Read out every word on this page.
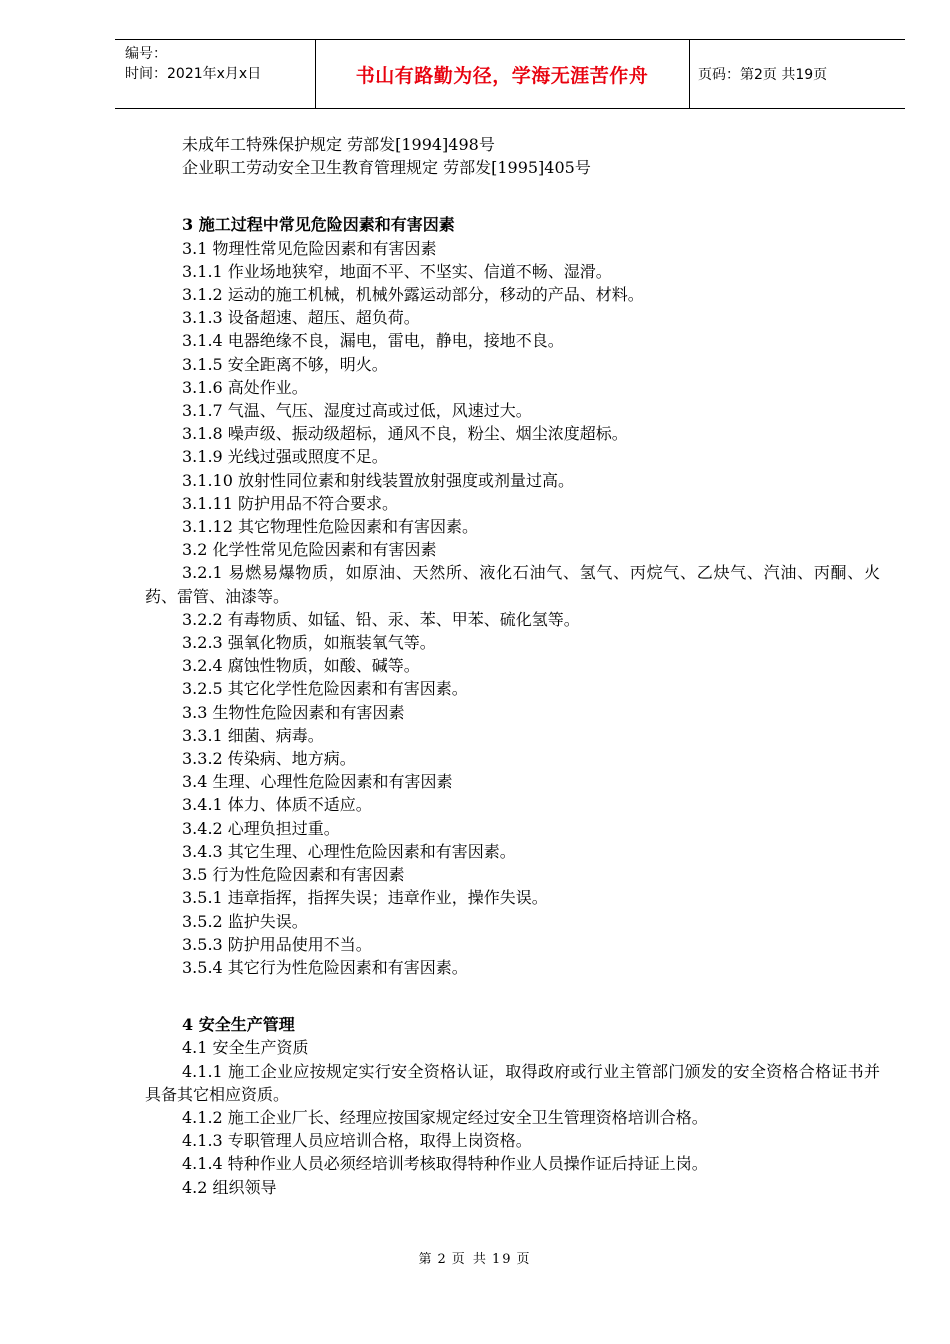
编号：
时间：2021年x月x日	书山有路勤为径，学海无涯苦作舟	页码：第2页 共19页
未成年工特殊保护规定 劳部发[1994]498号
企业职工劳动安全卫生教育管理规定 劳部发[1995]405号
3 施工过程中常见危险因素和有害因素
3.1 物理性常见危险因素和有害因素
3.1.1 作业场地狭窄，地面不平、不坚实、信道不畅、湿滑。
3.1.2 运动的施工机械，机械外露运动部分，移动的产品、材料。
3.1.3 设备超速、超压、超负荷。
3.1.4 电器绝缘不良，漏电，雷电，静电，接地不良。
3.1.5 安全距离不够，明火。
3.1.6 高处作业。
3.1.7 气温、气压、湿度过高或过低，风速过大。
3.1.8 噪声级、振动级超标，通风不良，粉尘、烟尘浓度超标。
3.1.9 光线过强或照度不足。
3.1.10 放射性同位素和射线装置放射强度或剂量过高。
3.1.11 防护用品不符合要求。
3.1.12 其它物理性危险因素和有害因素。
3.2 化学性常见危险因素和有害因素
3.2.1 易燃易爆物质，如原油、天然所、液化石油气、氢气、丙烷气、乙炔气、汽油、丙酮、火药、雷管、油漆等。
3.2.2 有毒物质、如锰、铅、汞、苯、甲苯、硫化氢等。
3.2.3 强氧化物质，如瓶装氧气等。
3.2.4 腐蚀性物质，如酸、碱等。
3.2.5 其它化学性危险因素和有害因素。
3.3 生物性危险因素和有害因素
3.3.1 细菌、病毒。
3.3.2 传染病、地方病。
3.4 生理、心理性危险因素和有害因素
3.4.1 体力、体质不适应。
3.4.2 心理负担过重。
3.4.3 其它生理、心理性危险因素和有害因素。
3.5 行为性危险因素和有害因素
3.5.1 违章指挥，指挥失误；违章作业，操作失误。
3.5.2 监护失误。
3.5.3 防护用品使用不当。
3.5.4 其它行为性危险因素和有害因素。
4 安全生产管理
4.1 安全生产资质
4.1.1 施工企业应按规定实行安全资格认证，取得政府或行业主管部门颁发的安全资格合格证书并具备其它相应资质。
4.1.2 施工企业厂长、经理应按国家规定经过安全卫生管理资格培训合格。
4.1.3 专职管理人员应培训合格，取得上岗资格。
4.1.4 特种作业人员必须经培训考核取得特种作业人员操作证后持证上岗。
4.2 组织领导
第 2 页 共 19 页
